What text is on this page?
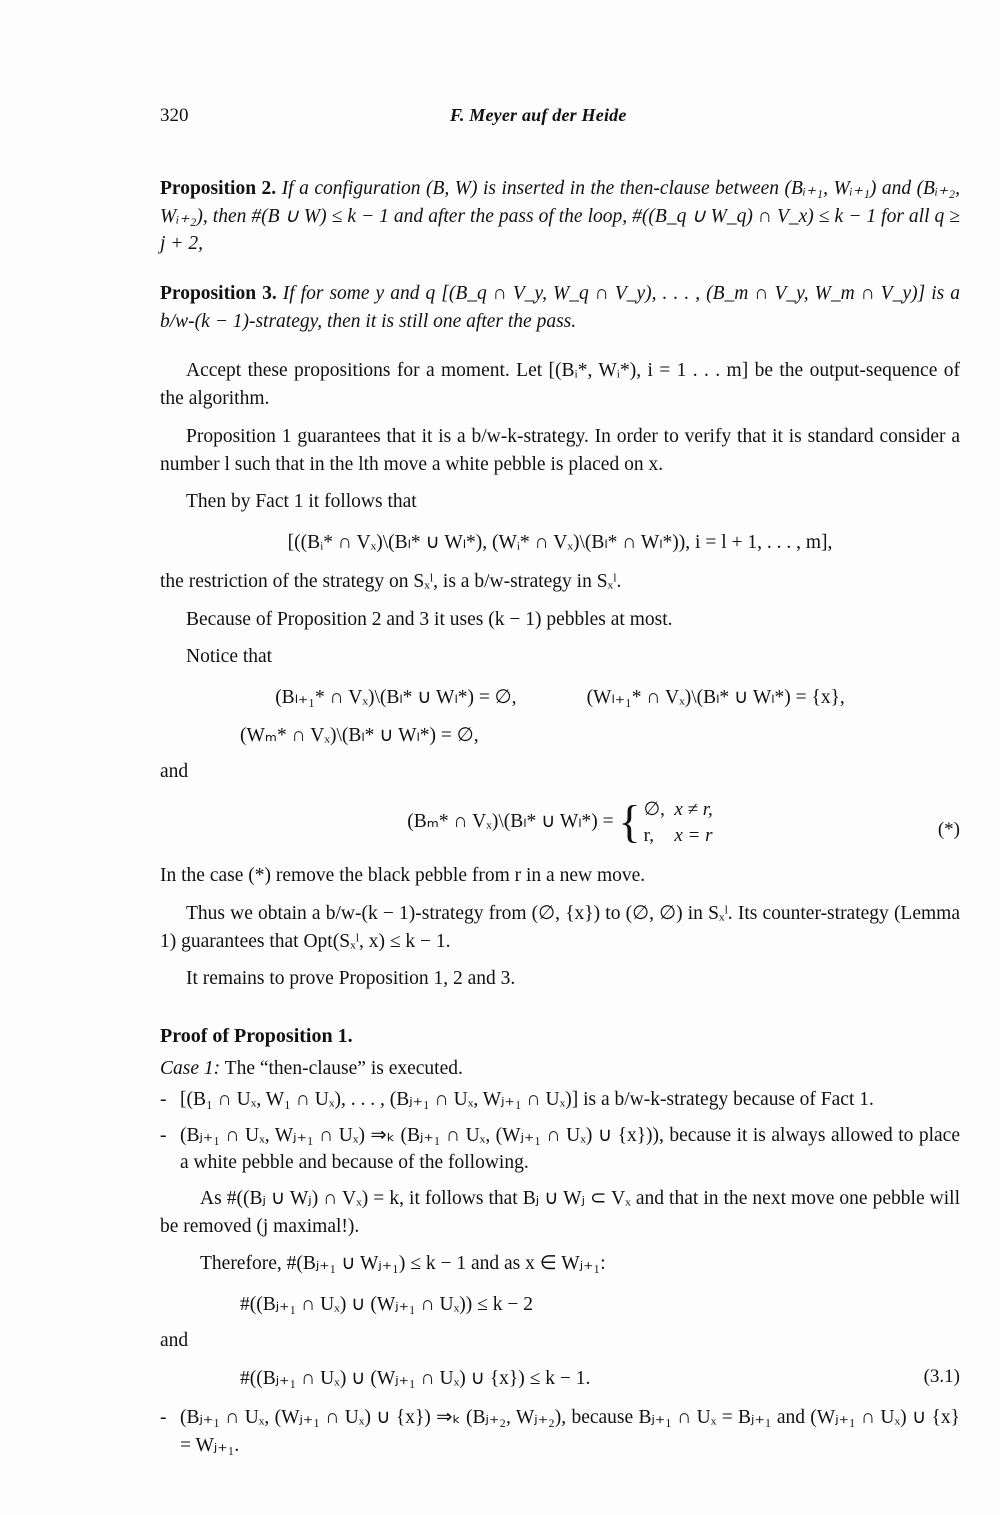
320	F. Meyer auf der Heide

Proposition 2. If a configuration (B, W) is inserted in the then-clause between (Bᵢ₊₁, Wᵢ₊₁) and (Bᵢ₊₂, Wᵢ₊₂), then #(B ∪ W) ≤ k − 1 and after the pass of the loop, #((B_q ∪ W_q) ∩ V_x) ≤ k − 1 for all q ≥ j + 2,

Proposition 3. If for some y and q [(B_q ∩ V_y, W_q ∩ V_y), . . . , (B_m ∩ V_y, W_m ∩ V_y)] is a b/w-(k − 1)-strategy, then it is still one after the pass.

Accept these propositions for a moment. Let [(Bᵢ*, Wᵢ*), i = 1 . . . m] be the output-sequence of the algorithm.

Proposition 1 guarantees that it is a b/w-k-strategy. In order to verify that it is standard consider a number l such that in the lth move a white pebble is placed on x.

Then by Fact 1 it follows that

[((Bᵢ* ∩ Vₓ)\(Bₗ* ∪ Wₗ*), (Wᵢ* ∩ Vₓ)\(Bₗ* ∩ Wₗ*)), i = l + 1, . . . , m],

the restriction of the strategy on Sₓˡ, is a b/w-strategy in Sₓˡ.

Because of Proposition 2 and 3 it uses (k − 1) pebbles at most.

Notice that

(Bₗ₊₁* ∩ Vₓ)\(Bₗ* ∪ Wₗ*) = ∅,	(Wₗ₊₁* ∩ Vₓ)\(Bₗ* ∪ Wₗ*) = {x},
(Wₘ* ∩ Vₓ)\(Bₗ* ∪ Wₗ*) = ∅,
and
(Bₘ* ∩ Vₓ)\(Bₗ* ∪ Wₗ*) = { ∅, x ≠ r,
r, x = r	(*)

In the case (*) remove the black pebble from r in a new move.

Thus we obtain a b/w-(k − 1)-strategy from (∅, {x}) to (∅, ∅) in Sₓˡ. Its counter-strategy (Lemma 1) guarantees that Opt(Sₓˡ, x) ≤ k − 1.

It remains to prove Proposition 1, 2 and 3.

Proof of Proposition 1.
Case 1: The “then-clause” is executed.
- [(B₁ ∩ Uₓ, W₁ ∩ Uₓ), . . . , (Bⱼ₊₁ ∩ Uₓ, Wⱼ₊₁ ∩ Uₓ)] is a b/w-k-strategy because of Fact 1.
- (Bⱼ₊₁ ∩ Uₓ, Wⱼ₊₁ ∩ Uₓ) ⇒ₖ (Bⱼ₊₁ ∩ Uₓ, (Wⱼ₊₁ ∩ Uₓ) ∪ {x})), because it is always allowed to place a white pebble and because of the following.

As #((Bⱼ ∪ Wⱼ) ∩ Vₓ) = k, it follows that Bⱼ ∪ Wⱼ ⊂ Vₓ and that in the next move one pebble will be removed (j maximal!).

Therefore, #(Bⱼ₊₁ ∪ Wⱼ₊₁) ≤ k − 1 and as x ∈ Wⱼ₊₁:

#((Bⱼ₊₁ ∩ Uₓ) ∪ (Wⱼ₊₁ ∩ Uₓ)) ≤ k − 2
and
#((Bⱼ₊₁ ∩ Uₓ) ∪ (Wⱼ₊₁ ∩ Uₓ) ∪ {x}) ≤ k − 1.	(3.1)
- (Bⱼ₊₁ ∩ Uₓ, (Wⱼ₊₁ ∩ Uₓ) ∪ {x}) ⇒ₖ (Bⱼ₊₂, Wⱼ₊₂), because Bⱼ₊₁ ∩ Uₓ = Bⱼ₊₁ and (Wⱼ₊₁ ∩ Uₓ) ∪ {x} = Wⱼ₊₁.
